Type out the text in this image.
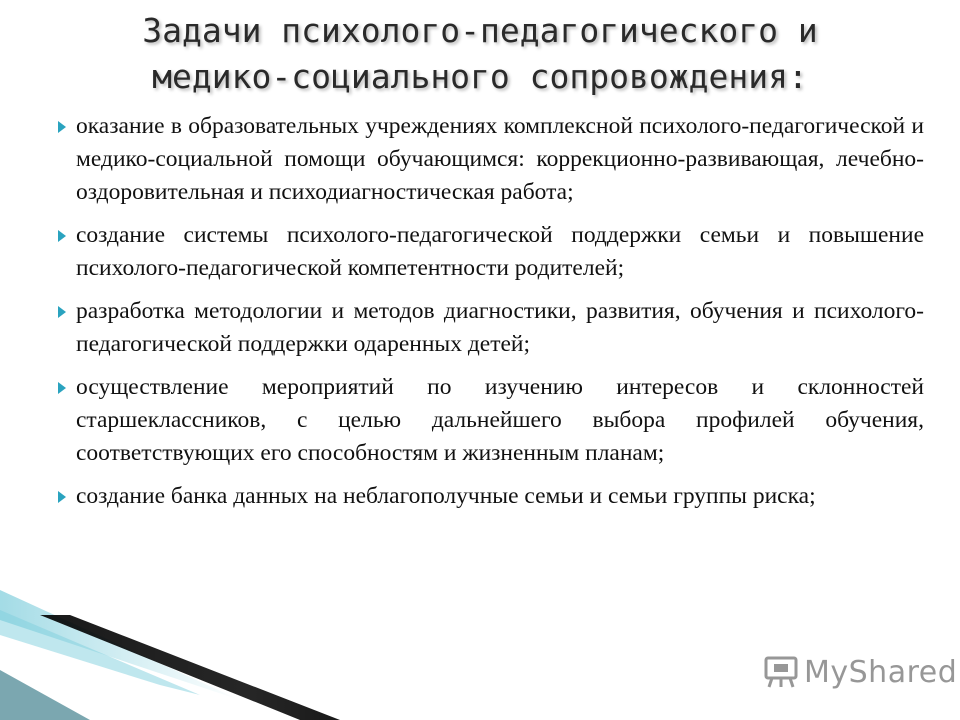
Задачи психолого-педагогического и
медико-социального сопровождения:
оказание в образовательных учреждениях комплексной психолого-педагогической и медико-социальной помощи обучающимся: коррекционно-развивающая, лечебно-оздоровительная и психодиагностическая работа;
создание системы психолого-педагогической поддержки семьи и повышение психолого-педагогической компетентности родителей;
разработка методологии и методов диагностики, развития, обучения и психолого-педагогической поддержки одаренных детей;
осуществление мероприятий по изучению интересов и склонностей старшеклассников, с целью дальнейшего выбора профилей обучения, соответствующих его способностям и жизненным планам;
создание банка данных на неблагополучные семьи и семьи группы риска;
MyShared
